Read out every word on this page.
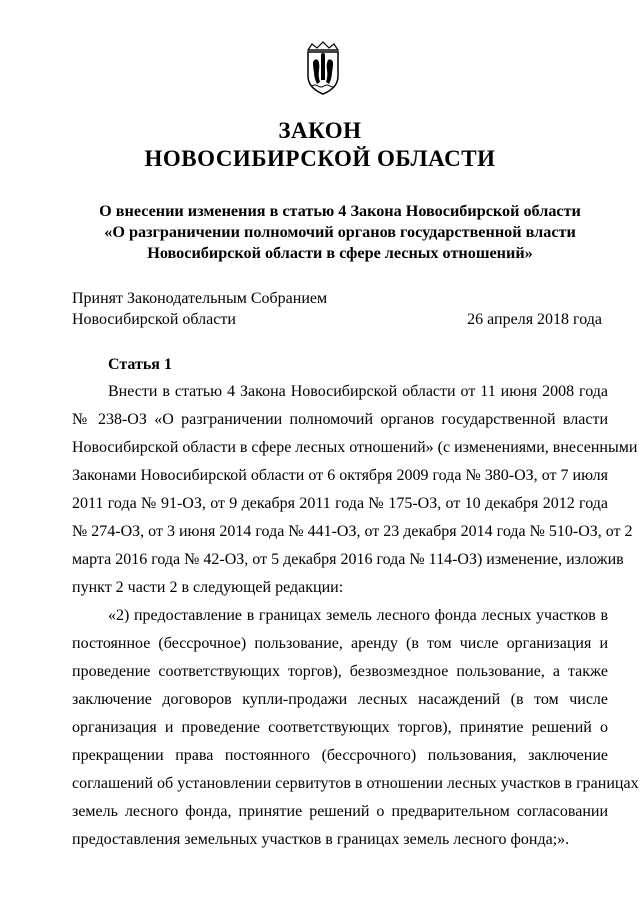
ЗАКОН
НОВОСИБИРСКОЙ ОБЛАСТИ
О внесении изменения в статью 4 Закона Новосибирской области
«О разграничении полномочий органов государственной власти
Новосибирской области в сфере лесных отношений»
Принят Законодательным Собранием
Новосибирской области	26 апреля 2018 года
Статья 1
Внести в статью 4 Закона Новосибирской области от 11 июня 2008 года
№ 238-ОЗ «О разграничении полномочий органов государственной власти
Новосибирской области в сфере лесных отношений» (с изменениями, внесенными
Законами Новосибирской области от 6 октября 2009 года № 380-ОЗ, от 7 июля
2011 года № 91-ОЗ, от 9 декабря 2011 года № 175-ОЗ, от 10 декабря 2012 года
№ 274-ОЗ, от 3 июня 2014 года № 441-ОЗ, от 23 декабря 2014 года № 510-ОЗ, от 2
марта 2016 года № 42-ОЗ, от 5 декабря 2016 года № 114-ОЗ) изменение, изложив
пункт 2 части 2 в следующей редакции:
«2) предоставление в границах земель лесного фонда лесных участков в
постоянное (бессрочное) пользование, аренду (в том числе организация и
проведение соответствующих торгов), безвозмездное пользование, а также
заключение договоров купли-продажи лесных насаждений (в том числе
организация и проведение соответствующих торгов), принятие решений о
прекращении права постоянного (бессрочного) пользования, заключение
соглашений об установлении сервитутов в отношении лесных участков в границах
земель лесного фонда, принятие решений о предварительном согласовании
предоставления земельных участков в границах земель лесного фонда;».
